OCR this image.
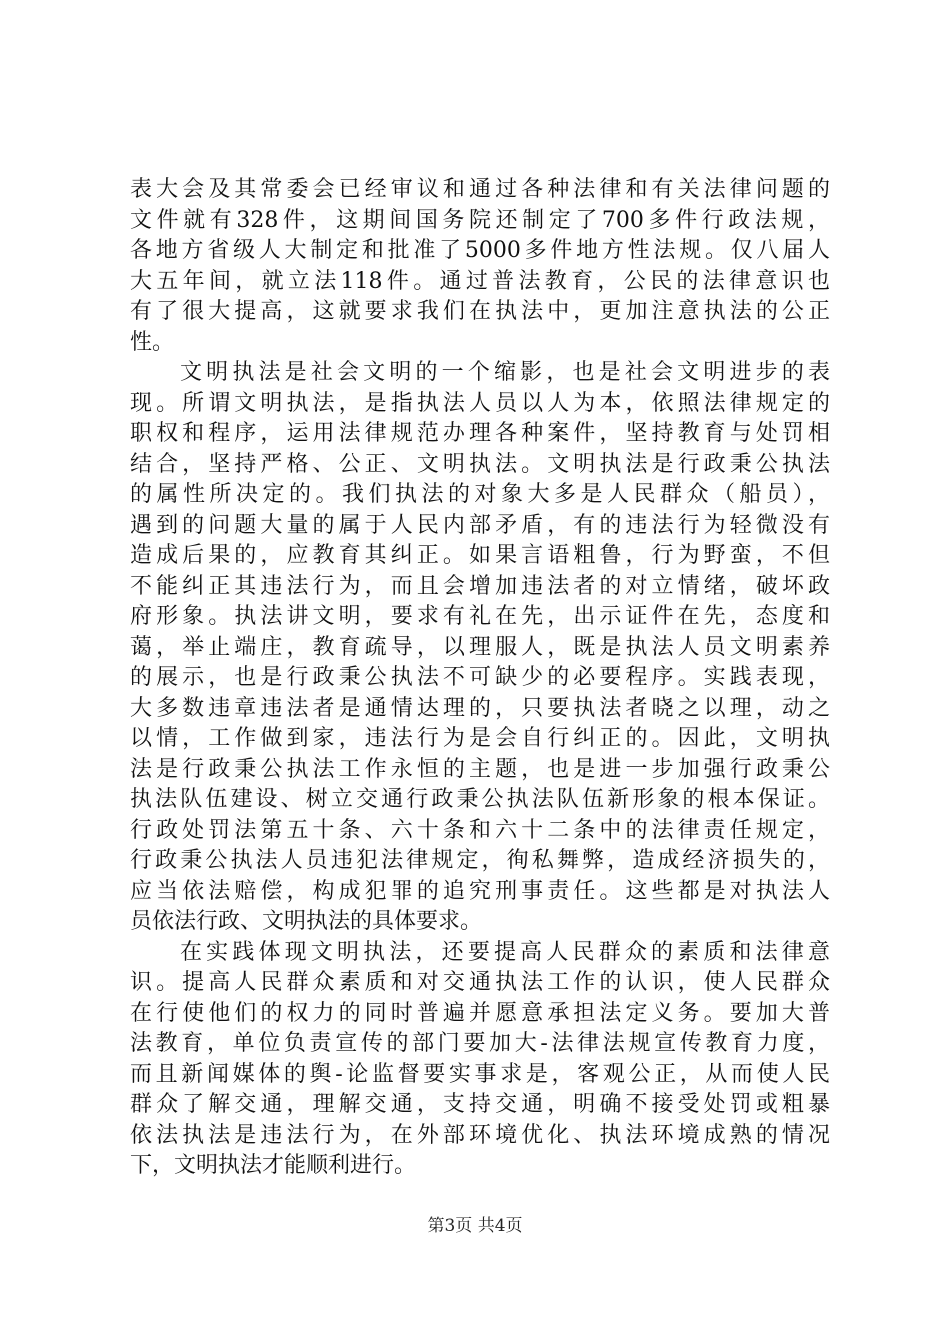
表大会及其常委会已经审议和通过各种法律和有关法律问题的
文件就有328件，这期间国务院还制定了700多件行政法规，
各地方省级人大制定和批准了5000多件地方性法规。仅八届人
大五年间，就立法118件。通过普法教育，公民的法律意识也
有了很大提高，这就要求我们在执法中，更加注意执法的公正
性。
文明执法是社会文明的一个缩影，也是社会文明进步的表
现。所谓文明执法，是指执法人员以人为本，依照法律规定的
职权和程序，运用法律规范办理各种案件，坚持教育与处罚相
结合，坚持严格、公正、文明执法。文明执法是行政秉公执法
的属性所决定的。我们执法的对象大多是人民群众（船员），
遇到的问题大量的属于人民内部矛盾，有的违法行为轻微没有
造成后果的，应教育其纠正。如果言语粗鲁，行为野蛮，不但
不能纠正其违法行为，而且会增加违法者的对立情绪，破坏政
府形象。执法讲文明，要求有礼在先，出示证件在先，态度和
蔼，举止端庄，教育疏导，以理服人，既是执法人员文明素养
的展示，也是行政秉公执法不可缺少的必要程序。实践表现，
大多数违章违法者是通情达理的，只要执法者晓之以理，动之
以情，工作做到家，违法行为是会自行纠正的。因此，文明执
法是行政秉公执法工作永恒的主题，也是进一步加强行政秉公
执法队伍建设、树立交通行政秉公执法队伍新形象的根本保证。
行政处罚法第五十条、六十条和六十二条中的法律责任规定，
行政秉公执法人员违犯法律规定，徇私舞弊，造成经济损失的，
应当依法赔偿，构成犯罪的追究刑事责任。这些都是对执法人
员依法行政、文明执法的具体要求。
在实践体现文明执法，还要提高人民群众的素质和法律意
识。提高人民群众素质和对交通执法工作的认识，使人民群众
在行使他们的权力的同时普遍并愿意承担法定义务。要加大普
法教育，单位负责宣传的部门要加大-法律法规宣传教育力度，
而且新闻媒体的舆-论监督要实事求是，客观公正，从而使人民
群众了解交通，理解交通，支持交通，明确不接受处罚或粗暴
依法执法是违法行为，在外部环境优化、执法环境成熟的情况
下，文明执法才能顺利进行。
第3页 共4页
